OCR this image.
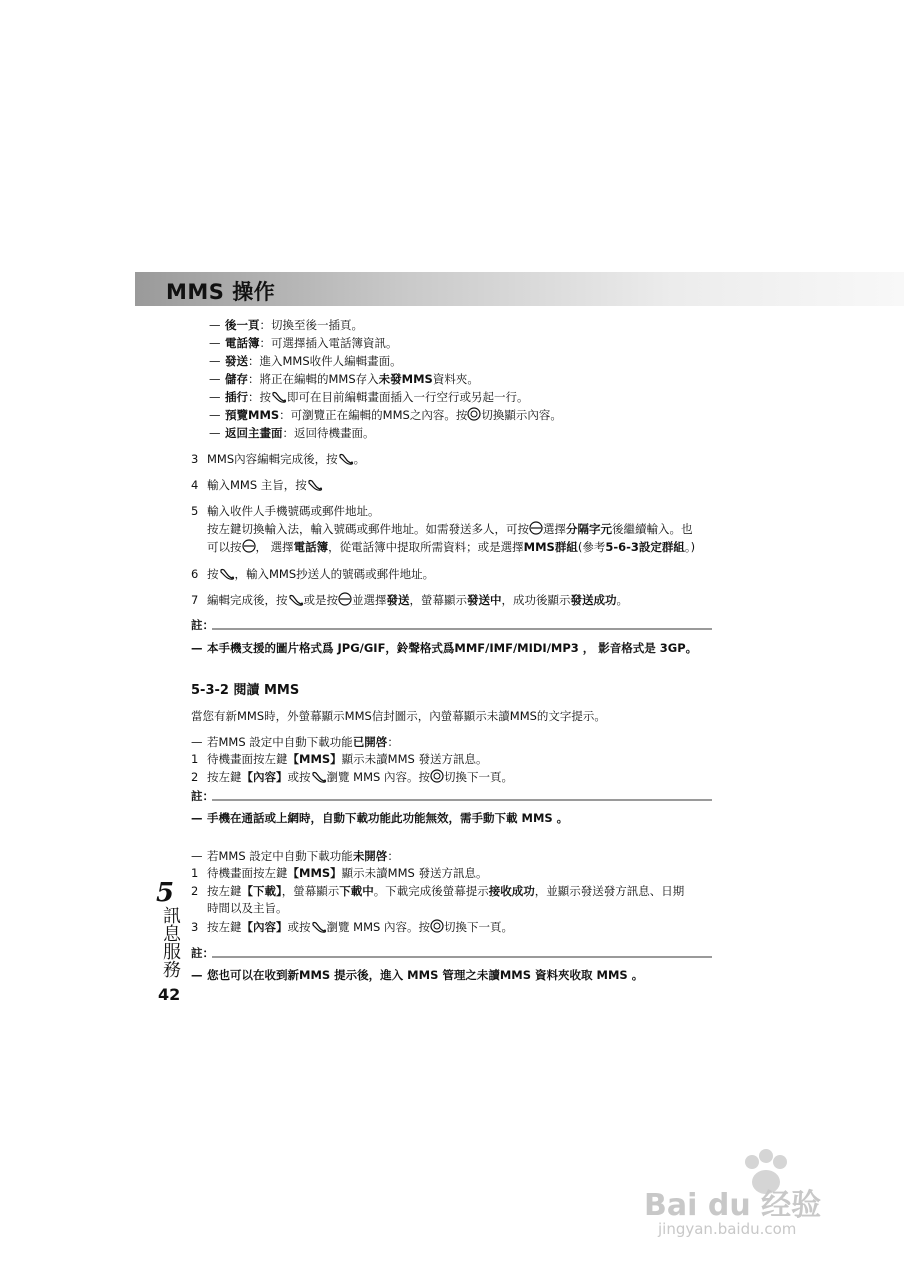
MMS 操作
— 後一頁：切換至後一插頁。
— 電話簿：可選擇插入電話簿資訊。
— 發送：進入MMS收件人編輯畫面。
— 儲存：將正在編輯的MMS存入未發MMS資料夾。
— 插行：按 即可在目前編輯畫面插入一行空行或另起一行。
— 預覽MMS：可瀏覽正在編輯的MMS之內容。按 切換顯示內容。
— 返回主畫面：返回待機畫面。
3 MMS內容編輯完成後，按 。
4 輸入MMS 主旨，按
5 輸入收件人手機號碼或郵件地址。
按左鍵切換輸入法，輸入號碼或郵件地址。如需發送多人，可按 選擇分隔字元後繼續輸入。也
可以按 ， 選擇電話簿，從電話簿中提取所需資料；或是選擇MMS群組(參考5-6-3設定群組。)
6 按 ，輸入MMS抄送人的號碼或郵件地址。
7 編輯完成後，按 或是按 並選擇發送，螢幕顯示發送中，成功後顯示發送成功。
註：
— 本手機支援的圖片格式爲 JPG/GIF，鈴聲格式爲MMF/IMF/MIDI/MP3 ， 影音格式是 3GP。
5-3-2 閱讀 MMS
當您有新MMS時，外螢幕顯示MMS信封圖示，內螢幕顯示未讀MMS的文字提示。
— 若MMS 設定中自動下載功能已開啓：
1 待機畫面按左鍵【MMS】顯示未讀MMS 發送方訊息。
2 按左鍵【內容】或按 瀏覽 MMS 內容。按 切換下一頁。
註：
— 手機在通話或上網時，自動下載功能此功能無效，需手動下載 MMS 。
— 若MMS 設定中自動下載功能未開啓：
1 待機畫面按左鍵【MMS】顯示未讀MMS 發送方訊息。
2 按左鍵【下載】，螢幕顯示下載中。下載完成後螢幕提示接收成功，並顯示發送發方訊息、日期
時間以及主旨。
3 按左鍵【內容】或按 瀏覽 MMS 內容。按 切換下一頁。
註：
— 您也可以在收到新MMS 提示後，進入 MMS 管理之未讀MMS 資料夾收取 MMS 。
5
訊息服務
42
Bai du 经验
jingyan.baidu.com
